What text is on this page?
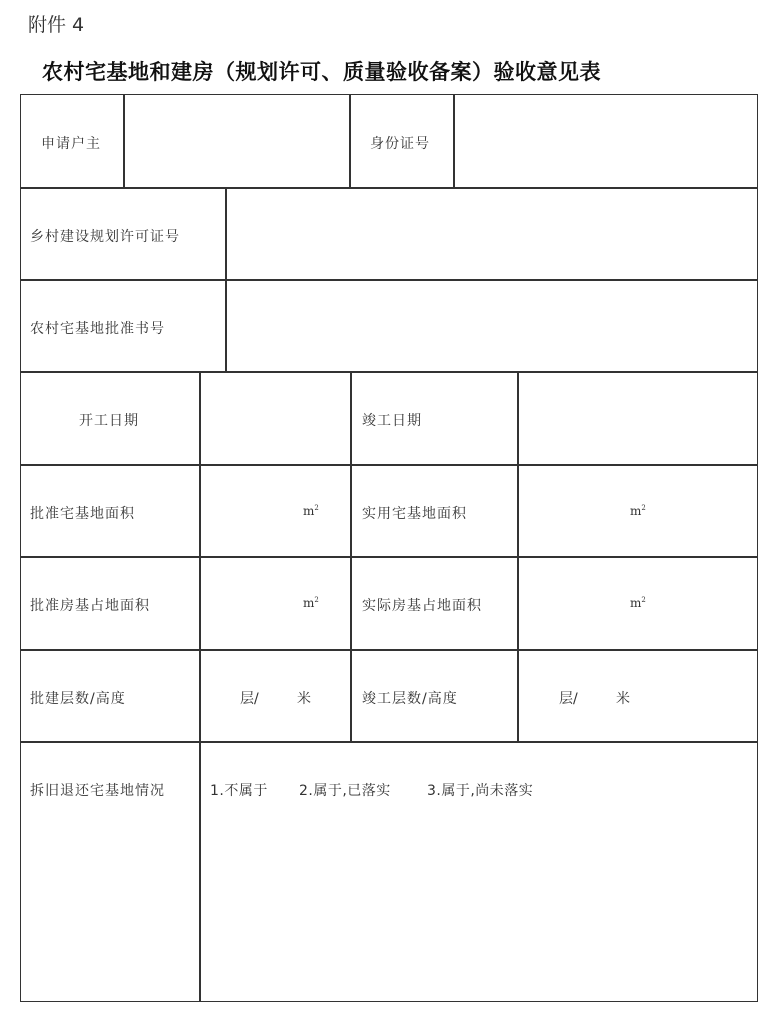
附件 4
农村宅基地和建房（规划许可、质量验收备案）验收意见表
申请户主	身份证号
乡村建设规划许可证号
农村宅基地批准书号
开工日期	竣工日期
批准宅基地面积	$m^2$	实用宅基地面积	$m^2$
批准房基占地面积	$m^2$	实际房基占地面积	$m^2$
批建层数/高度	层/	米	竣工层数/高度	层/	米
拆旧退还宅基地情况	1.不属于 2.属于,已落实	3.属于,尚未落实
